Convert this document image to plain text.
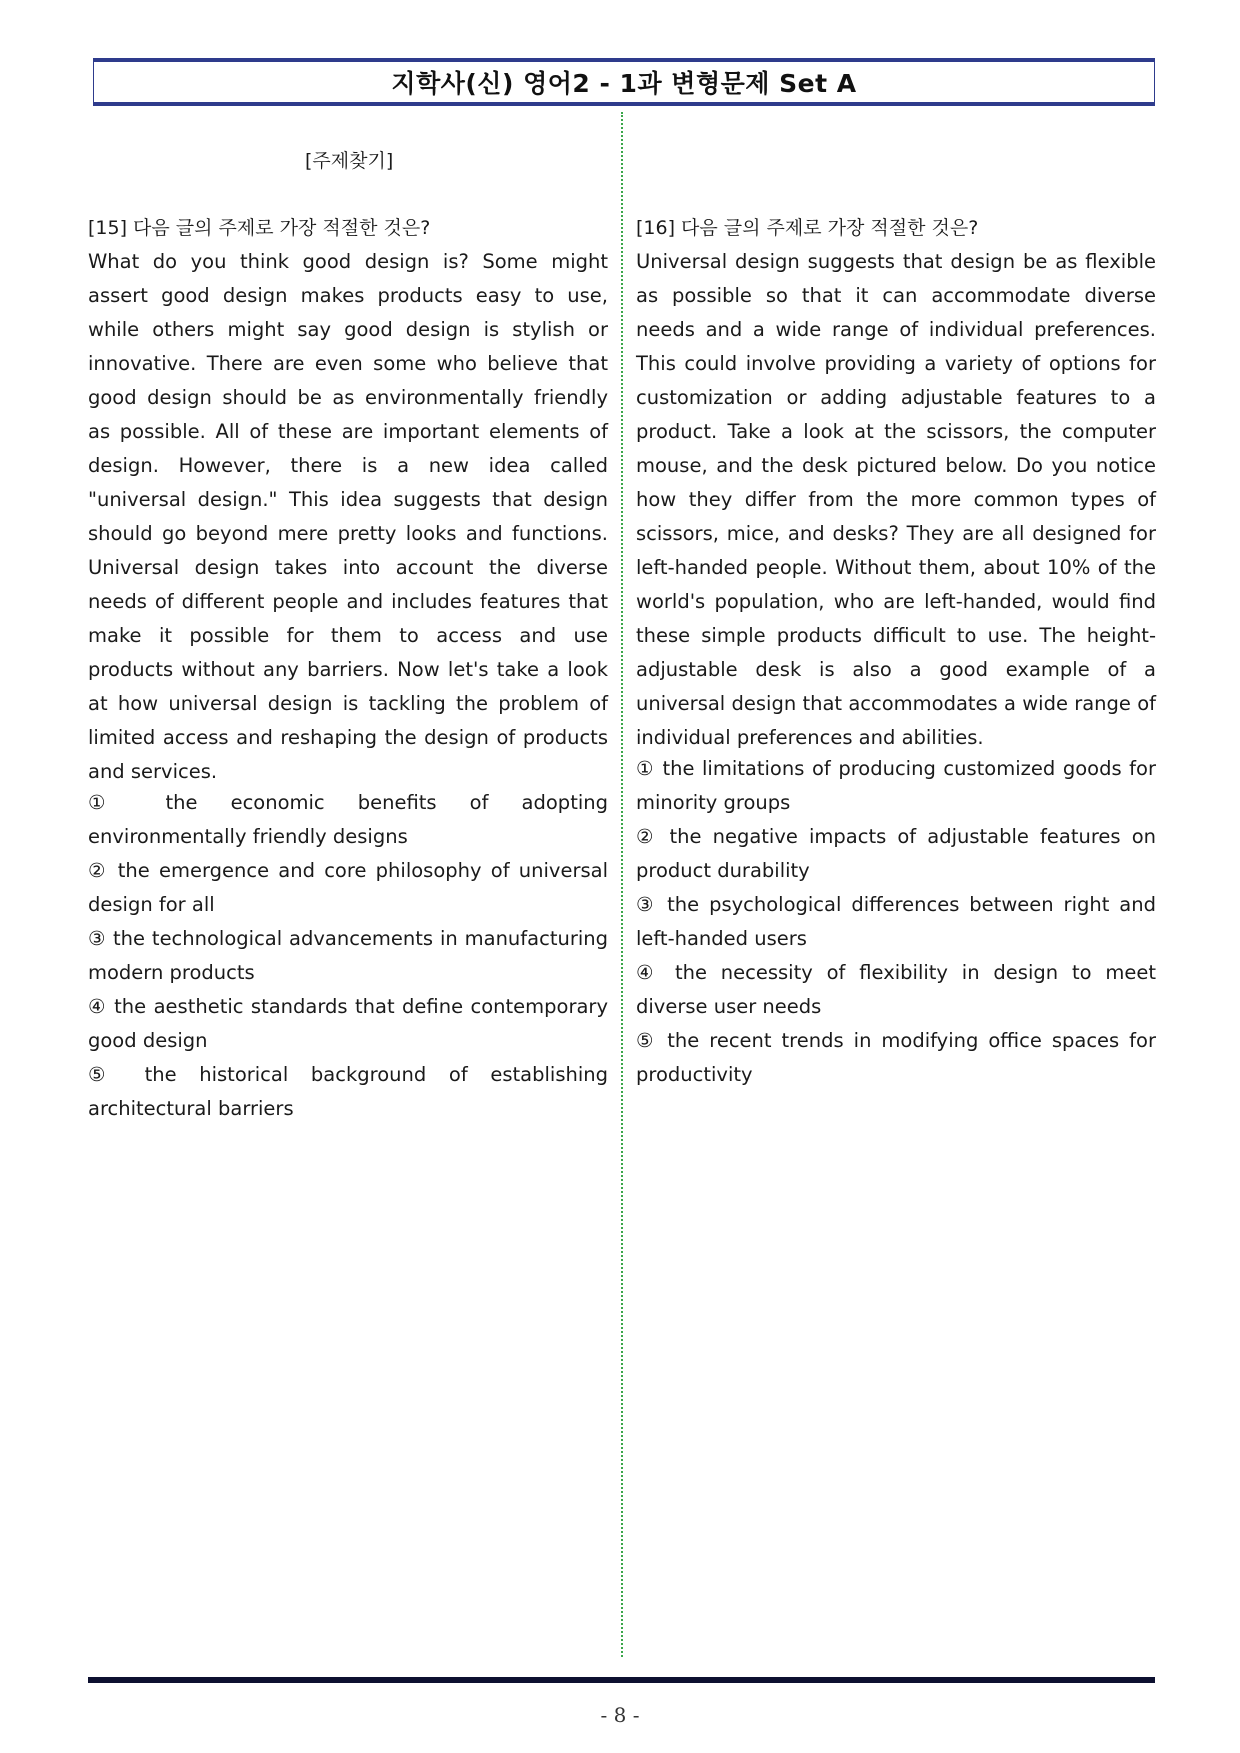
지학사(신) 영어2 - 1과 변형문제 Set A
[주제찾기]
[15] 다음 글의 주제로 가장 적절한 것은?

What do you think good design is? Some might assert good design makes products easy to use, while others might say good design is stylish or innovative. There are even some who believe that good design should be as environmentally friendly as possible. All of these are important elements of design. However, there is a new idea called "universal design." This idea suggests that design should go beyond mere pretty looks and functions. Universal design takes into account the diverse needs of different people and includes features that make it possible for them to access and use products without any barriers. Now let's take a look at how universal design is tackling the problem of limited access and reshaping the design of products and services.

① the economic benefits of adopting environmentally friendly designs

② the emergence and core philosophy of universal design for all

③ the technological advancements in manufacturing modern products

④ the aesthetic standards that define contemporary good design

⑤ the historical background of establishing architectural barriers

[16] 다음 글의 주제로 가장 적절한 것은?

Universal design suggests that design be as flexible as possible so that it can accommodate diverse needs and a wide range of individual preferences. This could involve providing a variety of options for customization or adding adjustable features to a product. Take a look at the scissors, the computer mouse, and the desk pictured below. Do you notice how they differ from the more common types of scissors, mice, and desks? They are all designed for left-handed people. Without them, about 10% of the world's population, who are left-handed, would find these simple products difficult to use. The height-adjustable desk is also a good example of a universal design that accommodates a wide range of individual preferences and abilities.

① the limitations of producing customized goods for minority groups

② the negative impacts of adjustable features on product durability

③ the psychological differences between right and left-handed users

④ the necessity of flexibility in design to meet diverse user needs

⑤ the recent trends in modifying office spaces for productivity

- 8 -
